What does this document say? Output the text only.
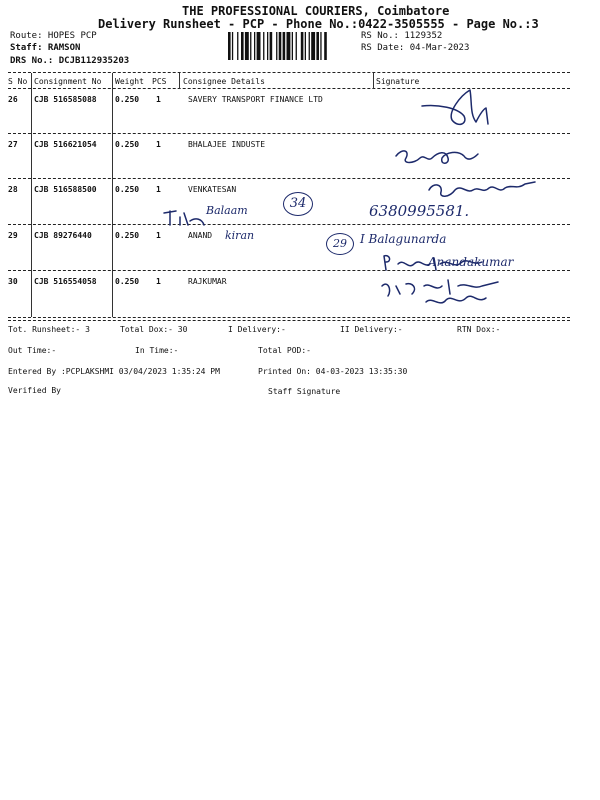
THE PROFESSIONAL COURIERS, Coimbatore
Delivery Runsheet - PCP - Phone No.:0422-3505555 - Page No.:3
Route: HOPES PCP
Staff: RAMSON
DRS No.: DCJB112935203
RS No.: 1129352
RS Date: 04-Mar-2023
S No Consignment No Weight PCS Consignee Details	Signature
26 CJB 516585088 0.250 1	SAVERY TRANSPORT FINANCE LTD
27 CJB 516621054 0.250 1	BHALAJEE INDUSTE
28 CJB 516588500 0.250 1	VENKATESAN
29 CJB 89276440	0.250 1	ANAND
30 CJB 516554058 0.250 1	RAJKUMAR
6380995581.
34
29
Balaam
kiran	I Balagunarda
Anandakumar
Tot. Runsheet:- 3	Total Dox:- 30	I Delivery:-	II Delivery:-	RTN Dox:-
Out Time:-	In Time:-	Total POD:-
Entered By :PCPLAKSHMI 03/04/2023 1:35:24 PM	Printed On: 04-03-2023 13:35:30
Verified By	Staff Signature
